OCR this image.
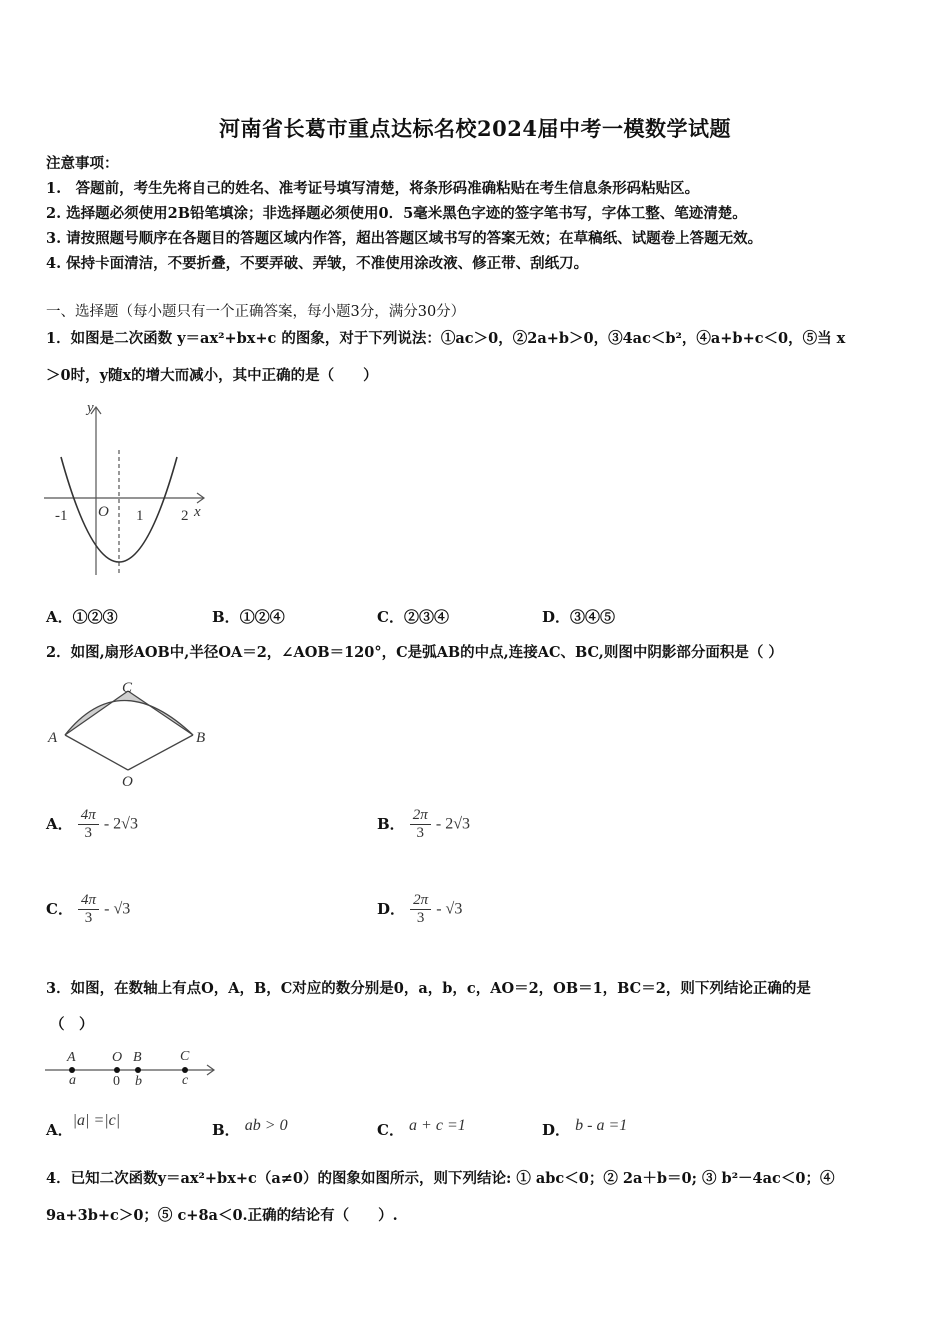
河南省长葛市重点达标名校2024届中考一模数学试题
注意事项：
1.　答题前，考生先将自己的姓名、准考证号填写清楚，将条形码准确粘贴在考生信息条形码粘贴区。
2. 选择题必须使用2B铅笔填涂；非选择题必须使用0．5毫米黑色字迹的签字笔书写，字体工整、笔迹清楚。
3. 请按照题号顺序在各题目的答题区域内作答，超出答题区域书写的答案无效；在草稿纸、试题卷上答题无效。
4. 保持卡面清洁，不要折叠，不要弄破、弄皱，不准使用涂改液、修正带、刮纸刀。
一、选择题（每小题只有一个正确答案，每小题3分，满分30分）
1．如图是二次函数 y＝ax²+bx+c 的图象，对于下列说法：①ac＞0，②2a+b＞0，③4ac＜b²，④a+b+c＜0，⑤当 x
＞0时，y随x的增大而减小，其中正确的是（　　）
y
x
O
-1	1	2
A．①②③	B．①②④	C．②③④	D．③④⑤
2．如图,扇形AOB中,半径OA＝2，∠AOB＝120°，C是弧AB的中点,连接AC、BC,则图中阴影部分面积是（ ）
A	B
C
O
A． $\frac{4\pi}{3} - 2√3$	B． $\frac{2\pi}{3} - 2√3$
C． $\frac{4\pi}{3} - √3$	D． $\frac{2\pi}{3} - √3$
3．如图，在数轴上有点O，A，B，C对应的数分别是0，a，b，c，AO＝2，OB＝1，BC＝2，则下列结论正确的是
（　）
A
a
O
0
B
b
C
c
A．|a| =|c|
B． ab > 0	C． a + c =1	D． b - a =1
4．已知二次函数y＝ax²+bx+c（a≠0）的图象如图所示，则下列结论: ① abc＜0；② 2a＋b＝0; ③ b²－4ac＜0；④
9a+3b+c＞0；⑤ c+8a＜0.正确的结论有（　　）.
